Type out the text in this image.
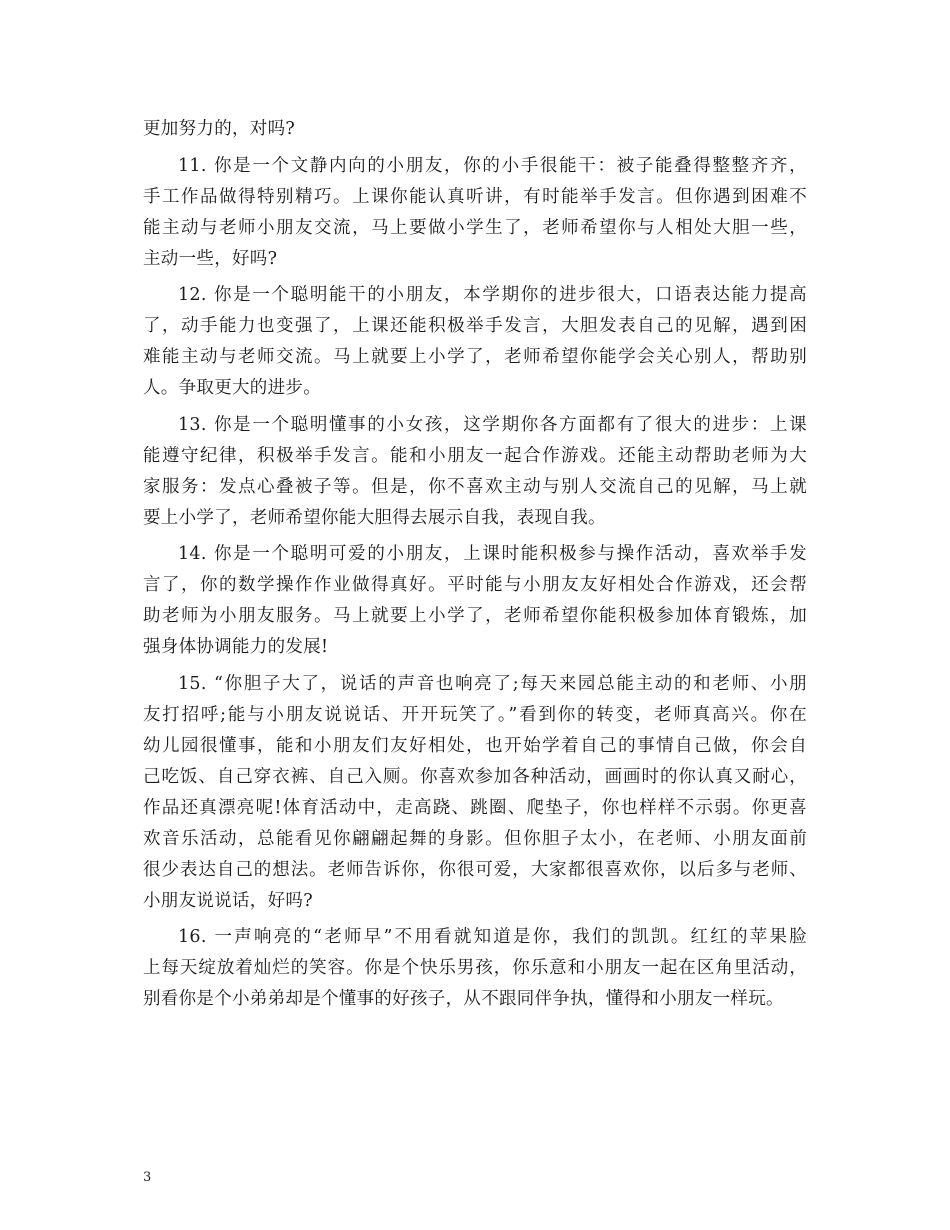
更加努力的，对吗?
11. 你是一个文静内向的小朋友，你的小手很能干：被子能叠得整整齐齐，
手工作品做得特别精巧。上课你能认真听讲，有时能举手发言。但你遇到困难不
能主动与老师小朋友交流，马上要做小学生了，老师希望你与人相处大胆一些，
主动一些，好吗?
12. 你是一个聪明能干的小朋友，本学期你的进步很大，口语表达能力提高
了，动手能力也变强了，上课还能积极举手发言，大胆发表自己的见解，遇到困
难能主动与老师交流。马上就要上小学了，老师希望你能学会关心别人，帮助别
人。争取更大的进步。
13. 你是一个聪明懂事的小女孩，这学期你各方面都有了很大的进步：上课
能遵守纪律，积极举手发言。能和小朋友一起合作游戏。还能主动帮助老师为大
家服务：发点心叠被子等。但是，你不喜欢主动与别人交流自己的见解，马上就
要上小学了，老师希望你能大胆得去展示自我，表现自我。
14. 你是一个聪明可爱的小朋友，上课时能积极参与操作活动，喜欢举手发
言了，你的数学操作作业做得真好。平时能与小朋友友好相处合作游戏，还会帮
助老师为小朋友服务。马上就要上小学了，老师希望你能积极参加体育锻炼，加
强身体协调能力的发展!
15. “你胆子大了，说话的声音也响亮了;每天来园总能主动的和老师、小朋
友打招呼;能与小朋友说说话、开开玩笑了。”看到你的转变，老师真高兴。你在
幼儿园很懂事，能和小朋友们友好相处，也开始学着自己的事情自己做，你会自
己吃饭、自己穿衣裤、自己入厕。你喜欢参加各种活动，画画时的你认真又耐心，
作品还真漂亮呢!体育活动中，走高跷、跳圈、爬垫子，你也样样不示弱。你更喜
欢音乐活动，总能看见你翩翩起舞的身影。但你胆子太小，在老师、小朋友面前
很少表达自己的想法。老师告诉你，你很可爱，大家都很喜欢你，以后多与老师、
小朋友说说话，好吗?
16. 一声响亮的“老师早”不用看就知道是你，我们的凯凯。红红的苹果脸
上每天绽放着灿烂的笑容。你是个快乐男孩，你乐意和小朋友一起在区角里活动，
别看你是个小弟弟却是个懂事的好孩子，从不跟同伴争执，懂得和小朋友一样玩。
3
